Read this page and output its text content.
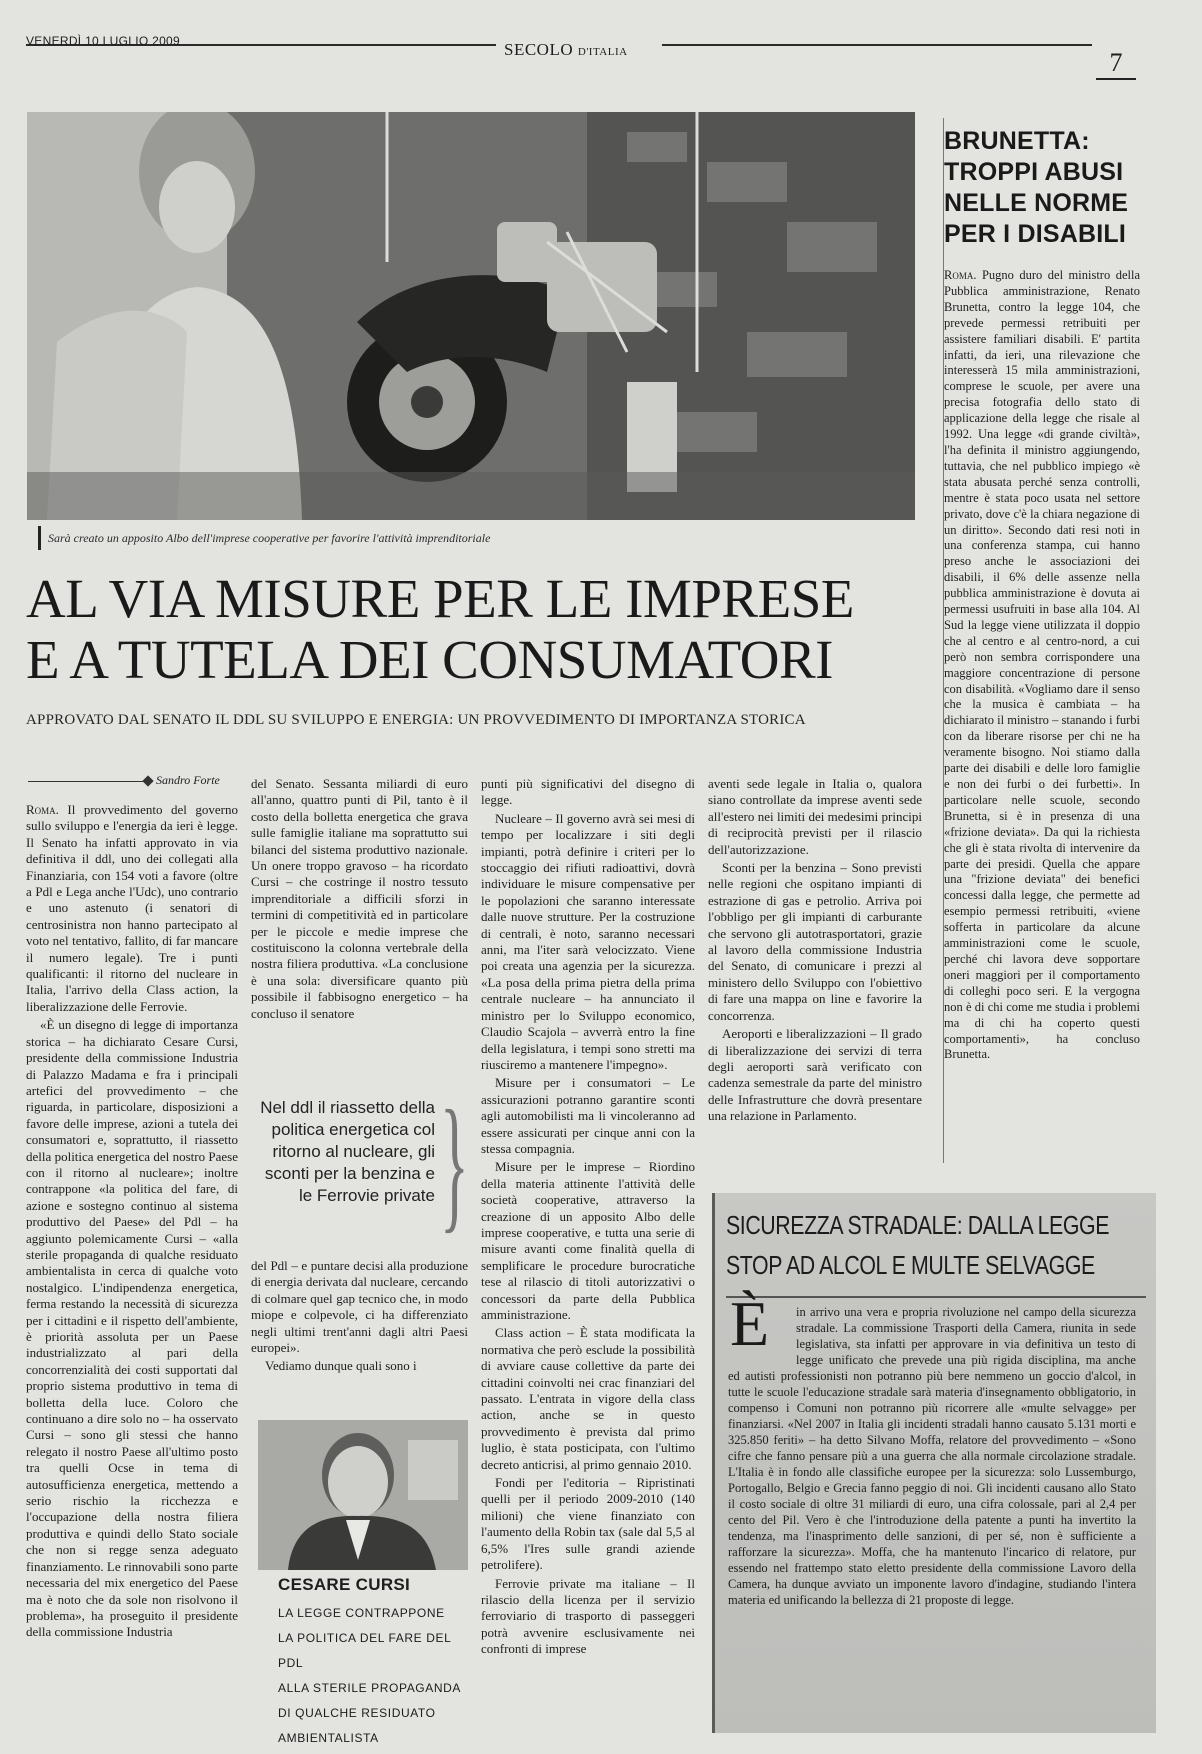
VENERDÌ 10 LUGLIO 2009	SECOLO D'ITALIA	7
Sarà creato un apposito Albo dell'imprese cooperative per favorire l'attività imprenditoriale
AL VIA MISURE PER LE IMPRESE
E A TUTELA DEI CONSUMATORI
APPROVATO DAL SENATO IL DDL SU SVILUPPO E ENERGIA: UN PROVVEDIMENTO DI IMPORTANZA STORICA
Sandro Forte

Roma. Il provvedimento del governo sullo sviluppo e l'energia da ieri è legge. Il Senato ha infatti approvato in via definitiva il ddl, uno dei collegati alla Finanziaria, con 154 voti a favore (oltre a Pdl e Lega anche l'Udc), uno contrario e uno astenuto (i senatori di centrosinistra non hanno partecipato al voto nel tentativo, fallito, di far mancare il numero legale). Tre i punti qualificanti: il ritorno del nucleare in Italia, l'arrivo della Class action, la liberalizzazione delle Ferrovie.

«È un disegno di legge di importanza storica – ha dichiarato Cesare Cursi, presidente della commissione Industria di Palazzo Madama e fra i principali artefici del provvedimento – che riguarda, in particolare, disposizioni a favore delle imprese, azioni a tutela dei consumatori e, soprattutto, il riassetto della politica energetica del nostro Paese con il ritorno al nucleare»; inoltre contrappone «la politica del fare, di azione e sostegno continuo al sistema produttivo del Paese» del Pdl – ha aggiunto polemicamente Cursi – «alla sterile propaganda di qualche residuato ambientalista in cerca di qualche voto nostalgico. L'indipendenza energetica, ferma restando la necessità di sicurezza per i cittadini e il rispetto dell'ambiente, è priorità assoluta per un Paese industrializzato al pari della concorrenzialità dei costi supportati dal proprio sistema produttivo in tema di bolletta della luce. Coloro che continuano a dire solo no – ha osservato Cursi – sono gli stessi che hanno relegato il nostro Paese all'ultimo posto tra quelli Ocse in tema di autosufficienza energetica, mettendo a serio rischio la ricchezza e l'occupazione della nostra filiera produttiva e quindi dello Stato sociale che non si regge senza adeguato finanziamento. Le rinnovabili sono parte necessaria del mix energetico del Paese ma è noto che da sole non risolvono il problema», ha proseguito il presidente della commissione Industria

del Senato. Sessanta miliardi di euro all'anno, quattro punti di Pil, tanto è il costo della bolletta energetica che grava sulle famiglie italiane ma soprattutto sui bilanci del sistema produttivo nazionale. Un onere troppo gravoso – ha ricordato Cursi – che costringe il nostro tessuto imprenditoriale a difficili sforzi in termini di competitività ed in particolare per le piccole e medie imprese che costituiscono la colonna vertebrale della nostra filiera produttiva. «La conclusione è una sola: diversificare quanto più possibile il fabbisogno energetico – ha concluso il senatore

Nel ddl il riassetto della politica energetica col ritorno al nucleare, gli sconti per la benzina e le Ferrovie private }

del Pdl – e puntare decisi alla produzione di energia derivata dal nucleare, cercando di colmare quel gap tecnico che, in modo miope e colpevole, ci ha differenziato negli ultimi trent'anni dagli altri Paesi europei».

Vediamo dunque quali sono i

CESARE CURSI
LA LEGGE CONTRAPPONE
LA POLITICA DEL FARE DEL PDL
ALLA STERILE PROPAGANDA
DI QUALCHE RESIDUATO
AMBIENTALISTA

punti più significativi del disegno di legge.

Nucleare – Il governo avrà sei mesi di tempo per localizzare i siti degli impianti, potrà definire i criteri per lo stoccaggio dei rifiuti radioattivi, dovrà individuare le misure compensative per le popolazioni che saranno interessate dalle nuove strutture. Per la costruzione di centrali, è noto, saranno necessari anni, ma l'iter sarà velocizzato. Viene poi creata una agenzia per la sicurezza. «La posa della prima pietra della prima centrale nucleare – ha annunciato il ministro per lo Sviluppo economico, Claudio Scajola – avverrà entro la fine della legislatura, i tempi sono stretti ma riusciremo a mantenere l'impegno».

Misure per i consumatori – Le assicurazioni potranno garantire sconti agli automobilisti ma li vincoleranno ad essere assicurati per cinque anni con la stessa compagnia.

Misure per le imprese – Riordino della materia attinente l'attività delle società cooperative, attraverso la creazione di un apposito Albo delle imprese cooperative, e tutta una serie di misure avanti come finalità quella di semplificare le procedure burocratiche tese al rilascio di titoli autorizzativi o concessori da parte della Pubblica amministrazione.

Class action – È stata modificata la normativa che però esclude la possibilità di avviare cause collettive da parte dei cittadini coinvolti nei crac finanziari del passato. L'entrata in vigore della class action, anche se in questo provvedimento è prevista dal primo luglio, è stata posticipata, con l'ultimo decreto anticrisi, al primo gennaio 2010.

Fondi per l'editoria – Ripristinati quelli per il periodo 2009-2010 (140 milioni) che viene finanziato con l'aumento della Robin tax (sale dal 5,5 al 6,5% l'Ires sulle grandi aziende petrolifere).

Ferrovie private ma italiane – Il rilascio della licenza per il servizio ferroviario di trasporto di passeggeri potrà avvenire esclusivamente nei confronti di imprese

aventi sede legale in Italia o, qualora siano controllate da imprese aventi sede all'estero nei limiti dei medesimi principi di reciprocità previsti per il rilascio dell'autorizzazione.

Sconti per la benzina – Sono previsti nelle regioni che ospitano impianti di estrazione di gas e petrolio. Arriva poi l'obbligo per gli impianti di carburante che servono gli autotrasportatori, grazie al lavoro della commissione Industria del Senato, di comunicare i prezzi al ministero dello Sviluppo con l'obiettivo di fare una mappa on line e favorire la concorrenza.

Aeroporti e liberalizzazioni – Il grado di liberalizzazione dei servizi di terra degli aeroporti sarà verificato con cadenza semestrale da parte del ministro delle Infrastrutture che dovrà presentare una relazione in Parlamento.

BRUNETTA:
TROPPI ABUSI
NELLE NORME
PER I DISABILI

Roma. Pugno duro del ministro della Pubblica amministrazione, Renato Brunetta, contro la legge 104, che prevede permessi retribuiti per assistere familiari disabili. E' partita infatti, da ieri, una rilevazione che interesserà 15 mila amministrazioni, comprese le scuole, per avere una precisa fotografia dello stato di applicazione della legge che risale al 1992. Una legge «di grande civiltà», l'ha definita il ministro aggiungendo, tuttavia, che nel pubblico impiego «è stata abusata perché senza controlli, mentre è stata poco usata nel settore privato, dove c'è la chiara negazione di un diritto». Secondo dati resi noti in una conferenza stampa, cui hanno preso anche le associazioni dei disabili, il 6% delle assenze nella pubblica amministrazione è dovuta ai permessi usufruiti in base alla 104. Al Sud la legge viene utilizzata il doppio che al centro e al centro-nord, a cui però non sembra corrispondere una maggiore concentrazione di persone con disabilità. «Vogliamo dare il senso che la musica è cambiata – ha dichiarato il ministro – stanando i furbi con da liberare risorse per chi ne ha veramente bisogno. Noi stiamo dalla parte dei disabili e delle loro famiglie e non dei furbi o dei furbetti». In particolare nelle scuole, secondo Brunetta, si è in presenza di una «frizione deviata». Da qui la richiesta che gli è stata rivolta di intervenire da parte dei presidi. Quella che appare una "frizione deviata" dei benefici concessi dalla legge, che permette ad esempio permessi retribuiti, «viene sofferta in particolare da alcune amministrazioni come le scuole, perché chi lavora deve sopportare oneri maggiori per il comportamento di colleghi poco seri. E la vergogna non è di chi come me studia i problemi ma di chi ha coperto questi comportamenti», ha concluso Brunetta.

SICUREZZA STRADALE: DALLA LEGGE
STOP AD ALCOL E MULTE SELVAGGE
È in arrivo una vera e propria rivoluzione nel campo della sicurezza stradale. La commissione Trasporti della Camera, riunita in sede legislativa, sta infatti per approvare in via definitiva un testo di legge unificato che prevede una più rigida disciplina, ma anche
ed autisti professionisti non potranno più bere nemmeno un goccio d'alcol, in tutte le scuole l'educazione stradale sarà materia d'insegnamento obbligatorio, in compenso i Comuni non potranno più ricorrere alle «multe selvagge» per finanziarsi. «Nel 2007 in Italia gli incidenti stradali hanno causato 5.131 morti e 325.850 feriti» – ha detto Silvano Moffa, relatore del provvedimento – «Sono cifre che fanno pensare più a una guerra che alla normale circolazione stradale. L'Italia è in fondo alle classifiche europee per la sicurezza: solo Lussemburgo, Portogallo, Belgio e Grecia fanno peggio di noi. Gli incidenti causano allo Stato il costo sociale di oltre 31 miliardi di euro, una cifra colossale, pari al 2,4 per cento del Pil. Vero è che l'introduzione della patente a punti ha invertito la tendenza, ma l'inasprimento delle sanzioni, di per sé, non è sufficiente a rafforzare la sicurezza». Moffa, che ha mantenuto l'incarico di relatore, pur essendo nel frattempo stato eletto presidente della commissione Lavoro della Camera, ha dunque avviato un imponente lavoro d'indagine, studiando l'intera materia ed unificando la bellezza di 21 proposte di legge.
